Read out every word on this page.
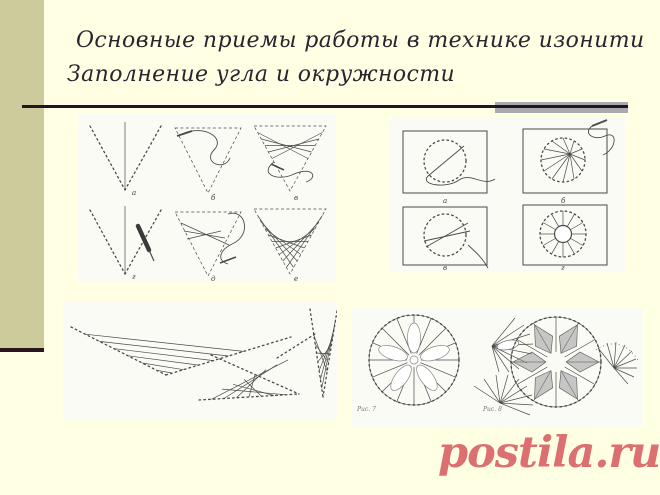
Основные приемы работы в технике изонити
Заполнение угла и окружности
а
б	в
г	д	е
а	б
в	г
Рис. 7	Рис. 8
postila.ru
